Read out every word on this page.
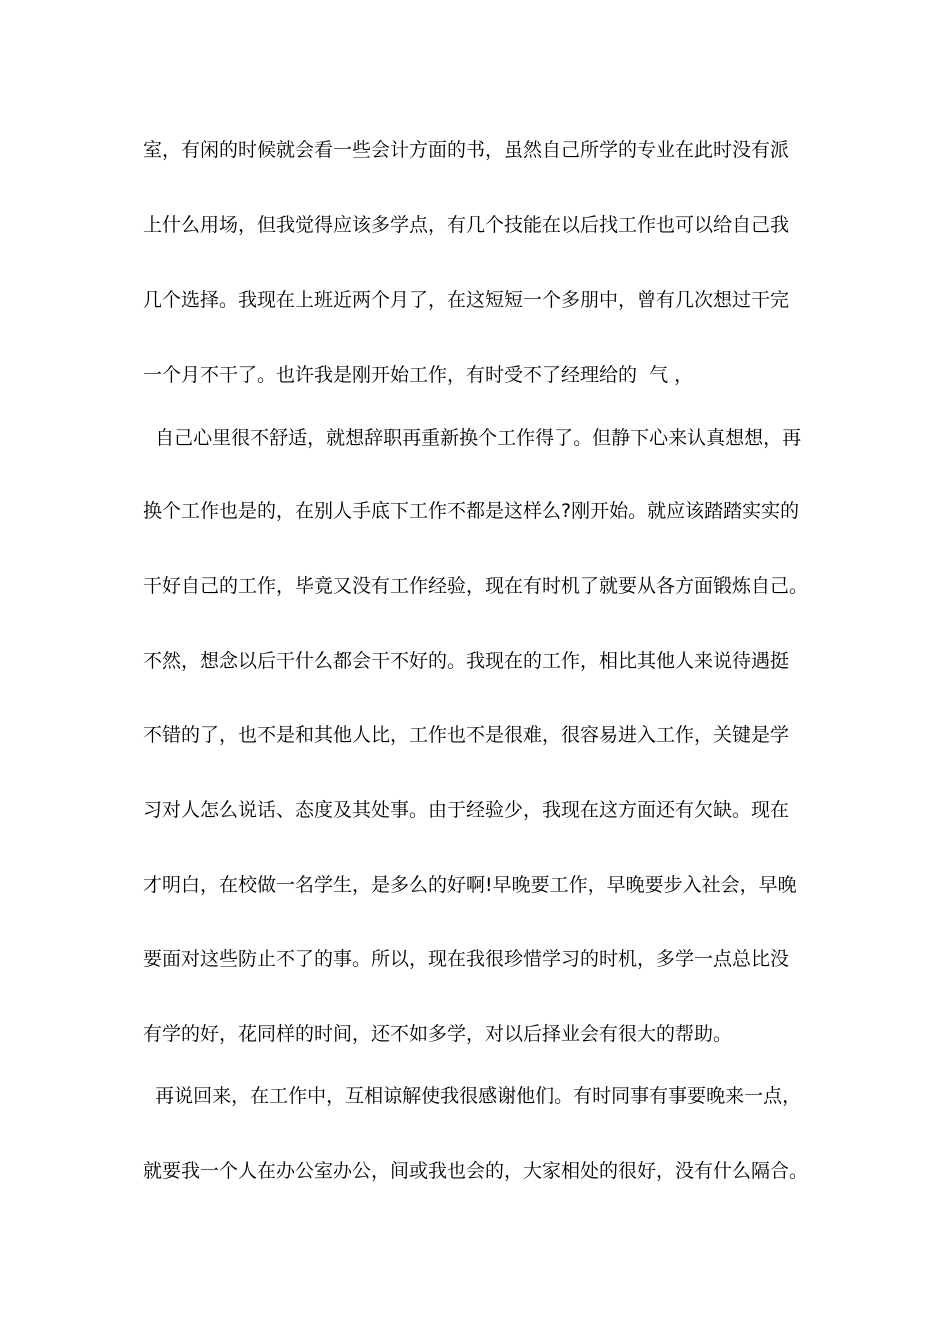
室，有闲的时候就会看一些会计方面的书，虽然自己所学的专业在此时没有派
上什么用场，但我觉得应该多学点，有几个技能在以后找工作也可以给自己我
几个选择。我现在上班近两个月了，在这短短一个多朋中，曾有几次想过干完
一个月不干了。也许我是刚开始工作，有时受不了经理给的  气 ，
自己心里很不舒适，就想辞职再重新换个工作得了。但静下心来认真想想，再
换个工作也是的，在别人手底下工作不都是这样么?刚开始。就应该踏踏实实的
干好自己的工作，毕竟又没有工作经验，现在有时机了就要从各方面锻炼自己。
不然，想念以后干什么都会干不好的。我现在的工作，相比其他人来说待遇挺
不错的了，也不是和其他人比，工作也不是很难，很容易进入工作，关键是学
习对人怎么说话、态度及其处事。由于经验少，我现在这方面还有欠缺。现在
才明白，在校做一名学生，是多么的好啊!早晚要工作，早晚要步入社会，早晚
要面对这些防止不了的事。所以，现在我很珍惜学习的时机，多学一点总比没
有学的好，花同样的时间，还不如多学，对以后择业会有很大的帮助。
再说回来，在工作中，互相谅解使我很感谢他们。有时同事有事要晚来一点，
就要我一个人在办公室办公，间或我也会的，大家相处的很好，没有什么隔合。
